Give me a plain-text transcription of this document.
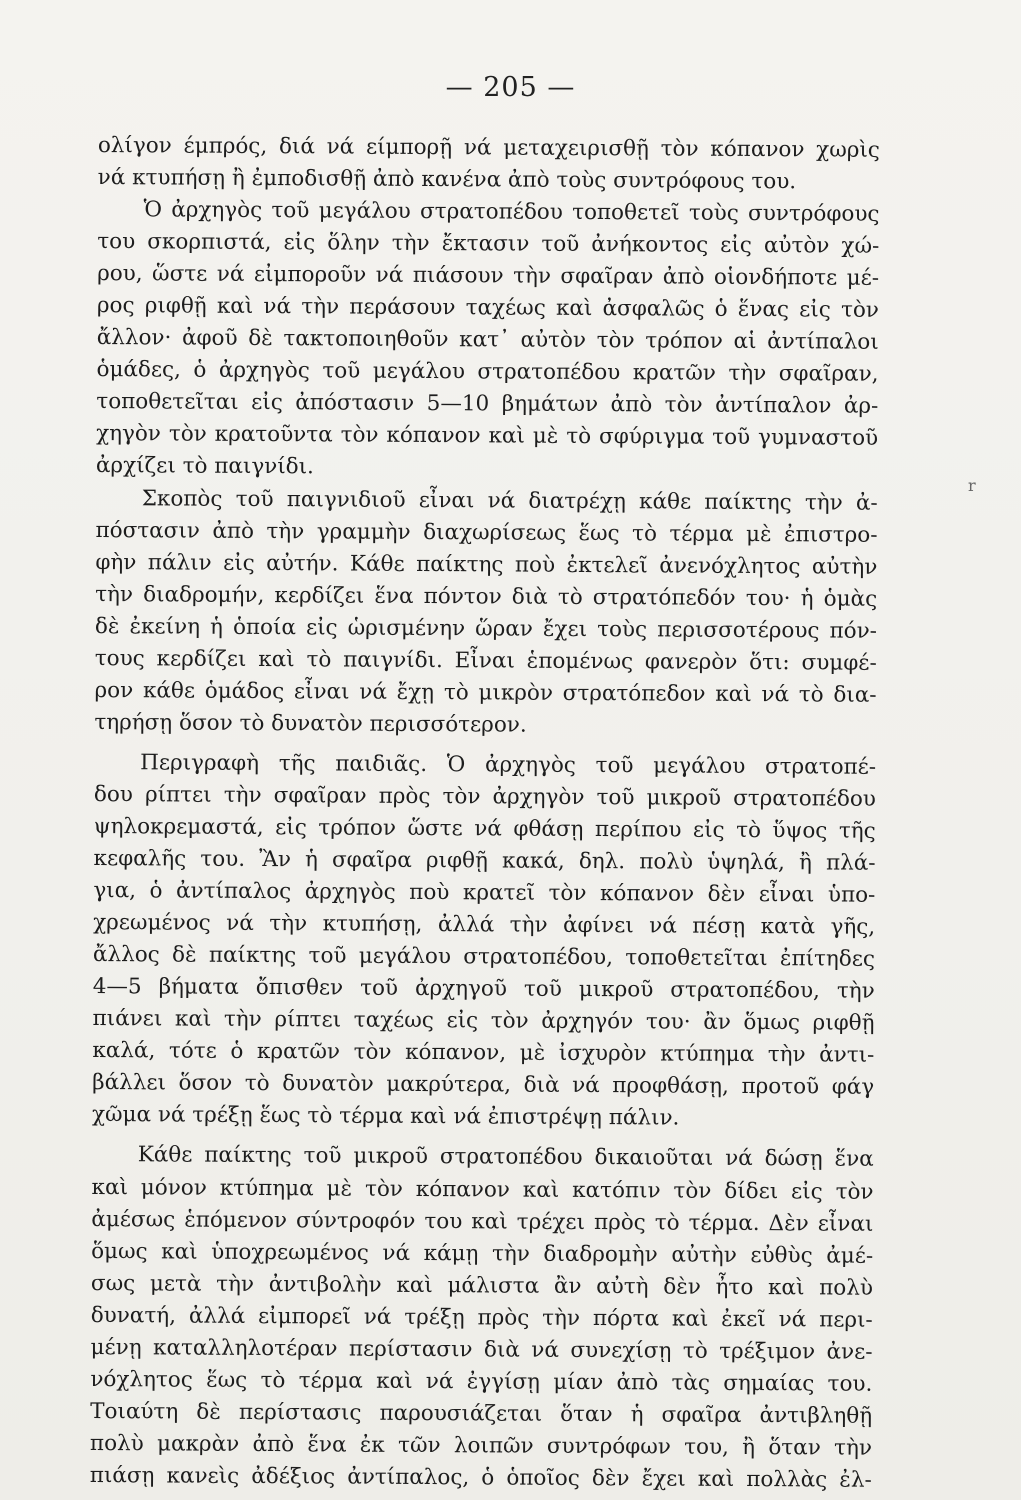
— 205 —
ολίγον έμπρός, διά νά είμπορῇ νά μεταχειρισθῇ τὸν κόπανον χωρὶς
νά κτυπήσῃ ἢ ἐμποδισθῇ ἀπὸ κανένα ἀπὸ τοὺς συντρόφους του.
Ὁ ἀρχηγὸς τοῦ μεγάλου στρατοπέδου τοποθετεῖ τοὺς συντρόφους
του σκορπιστά, εἰς ὅλην τὴν ἔκτασιν τοῦ ἀνήκοντος εἰς αὐτὸν χώ-
ρου, ὥστε νά εἰμποροῦν νά πιάσουν τὴν σφαῖραν ἀπὸ οἱονδήποτε μέ-
ρος ριφθῇ καὶ νά τὴν περάσουν ταχέως καὶ ἀσφαλῶς ὁ ἕνας εἰς τὸν
ἄλλον· ἀφοῦ δὲ τακτοποιηθοῦν κατ᾽ αὐτὸν τὸν τρόπον αἱ ἀντίπαλοι
ὁμάδες, ὁ ἀρχηγὸς τοῦ μεγάλου στρατοπέδου κρατῶν τὴν σφαῖραν,
τοποθετεῖται εἰς ἀπόστασιν 5—10 βημάτων ἀπὸ τὸν ἀντίπαλον ἀρ-
χηγὸν τὸν κρατοῦντα τὸν κόπανον καὶ μὲ τὸ σφύριγμα τοῦ γυμναστοῦ
ἀρχίζει τὸ παιγνίδι.
Σκοπὸς τοῦ παιγνιδιοῦ εἶναι νά διατρέχῃ κάθε παίκτης τὴν ἀ-
πόστασιν ἀπὸ τὴν γραμμὴν διαχωρίσεως ἕως τὸ τέρμα μὲ ἐπιστρο-
φὴν πάλιν εἰς αὐτήν. Κάθε παίκτης ποὺ ἐκτελεῖ ἀνενόχλητος αὐτὴν
τὴν διαδρομήν, κερδίζει ἕνα πόντον διὰ τὸ στρατόπεδόν του· ἡ ὁμὰς
δὲ ἐκείνη ἡ ὁποία εἰς ὡρισμένην ὥραν ἔχει τοὺς περισσοτέρους πόν-
τους κερδίζει καὶ τὸ παιγνίδι. Εἶναι ἑπομένως φανερὸν ὅτι: συμφέ-
ρον κάθε ὁμάδος εἶναι νά ἔχῃ τὸ μικρὸν στρατόπεδον καὶ νά τὸ δια-
τηρήσῃ ὅσον τὸ δυνατὸν περισσότερον.
Περιγραφὴ τῆς παιδιᾶς. Ὁ ἀρχηγὸς τοῦ μεγάλου στρατοπέ-
δου ρίπτει τὴν σφαῖραν πρὸς τὸν ἀρχηγὸν τοῦ μικροῦ στρατοπέδου
ψηλοκρεμαστά, εἰς τρόπον ὥστε νά φθάσῃ περίπου εἰς τὸ ὕψος τῆς
κεφαλῆς του. Ἂν ἡ σφαῖρα ριφθῇ κακά, δηλ. πολὺ ὑψηλά, ἢ πλά-
για, ὁ ἀντίπαλος ἀρχηγὸς ποὺ κρατεῖ τὸν κόπανον δὲν εἶναι ὑπο-
χρεωμένος νά τὴν κτυπήσῃ, ἀλλά τὴν ἀφίνει νά πέσῃ κατὰ γῆς,
ἄλλος δὲ παίκτης τοῦ μεγάλου στρατοπέδου, τοποθετεῖται ἐπίτηδες
4—5 βήματα ὄπισθεν τοῦ ἀρχηγοῦ τοῦ μικροῦ στρατοπέδου, τὴν
πιάνει καὶ τὴν ρίπτει ταχέως εἰς τὸν ἀρχηγόν του· ἂν ὅμως ριφθῇ
καλά, τότε ὁ κρατῶν τὸν κόπανον, μὲ ἰσχυρὸν κτύπημα τὴν ἀντι-
βάλλει ὅσον τὸ δυνατὸν μακρύτερα, διὰ νά προφθάσῃ, προτοῦ φάγ
χῶμα νά τρέξῃ ἕως τὸ τέρμα καὶ νά ἐπιστρέψῃ πάλιν.
Κάθε παίκτης τοῦ μικροῦ στρατοπέδου δικαιοῦται νά δώσῃ ἕνα
καὶ μόνον κτύπημα μὲ τὸν κόπανον καὶ κατόπιν τὸν δίδει εἰς τὸν
ἀμέσως ἑπόμενον σύντροφόν του καὶ τρέχει πρὸς τὸ τέρμα. Δὲν εἶναι
ὅμως καὶ ὑποχρεωμένος νά κάμῃ τὴν διαδρομὴν αὐτὴν εὐθὺς ἀμέ-
σως μετὰ τὴν ἀντιβολὴν καὶ μάλιστα ἂν αὐτὴ δὲν ἦτο καὶ πολὺ
δυνατή, ἀλλά εἰμπορεῖ νά τρέξῃ πρὸς τὴν πόρτα καὶ ἐκεῖ νά περι-
μένῃ καταλληλοτέραν περίστασιν διὰ νά συνεχίσῃ τὸ τρέξιμον ἀνε-
νόχλητος ἕως τὸ τέρμα καὶ νά ἐγγίσῃ μίαν ἀπὸ τὰς σημαίας του.
Τοιαύτη δὲ περίστασις παρουσιάζεται ὅταν ἡ σφαῖρα ἀντιβληθῇ
πολὺ μακρὰν ἀπὸ ἕνα ἐκ τῶν λοιπῶν συντρόφων του, ἢ ὅταν τὴν
πιάσῃ κανεὶς ἀδέξιος ἀντίπαλος, ὁ ὁποῖος δὲν ἔχει καὶ πολλὰς ἐλ-
r
